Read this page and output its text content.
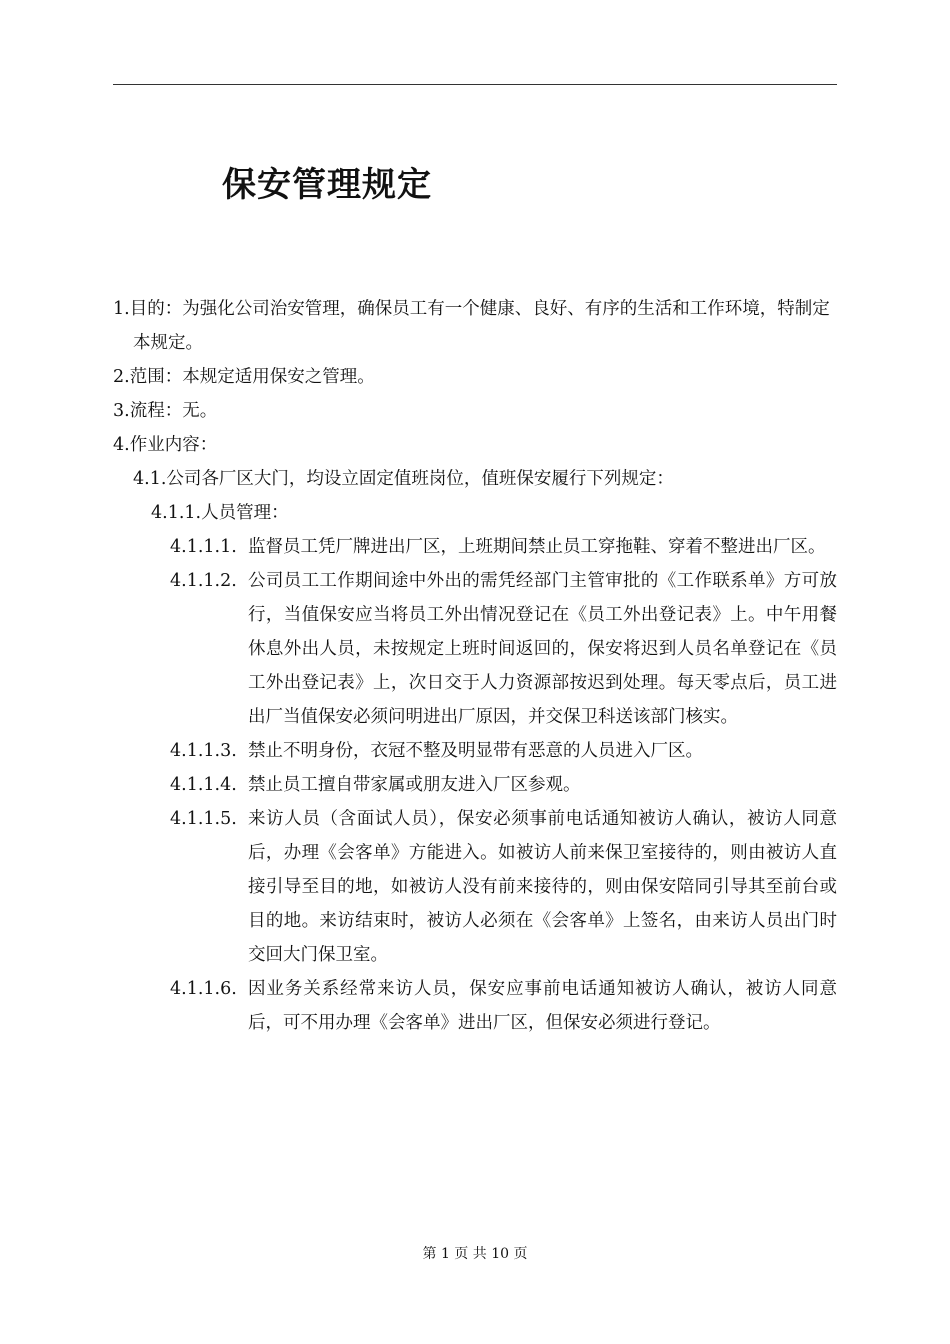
保安管理规定
1.目的：为强化公司治安管理，确保员工有一个健康、良好、有序的生活和工作环境，特制定本规定。
2.范围：本规定适用保安之管理。
3.流程：无。
4.作业内容：
4.1.公司各厂区大门，均设立固定值班岗位，值班保安履行下列规定：
4.1.1.人员管理：
4.1.1.1. 监督员工凭厂牌进出厂区，上班期间禁止员工穿拖鞋、穿着不整进出厂区。
4.1.1.2. 公司员工工作期间途中外出的需凭经部门主管审批的《工作联系单》方可放行，当值保安应当将员工外出情况登记在《员工外出登记表》上。中午用餐休息外出人员，未按规定上班时间返回的，保安将迟到人员名单登记在《员工外出登记表》上，次日交于人力资源部按迟到处理。每天零点后，员工进出厂当值保安必须问明进出厂原因，并交保卫科送该部门核实。
4.1.1.3. 禁止不明身份，衣冠不整及明显带有恶意的人员进入厂区。
4.1.1.4. 禁止员工擅自带家属或朋友进入厂区参观。
4.1.1.5. 来访人员（含面试人员），保安必须事前电话通知被访人确认，被访人同意后，办理《会客单》方能进入。如被访人前来保卫室接待的，则由被访人直接引导至目的地，如被访人没有前来接待的，则由保安陪同引导其至前台或目的地。来访结束时，被访人必须在《会客单》上签名，由来访人员出门时交回大门保卫室。
4.1.1.6. 因业务关系经常来访人员，保安应事前电话通知被访人确认，被访人同意后，可不用办理《会客单》进出厂区，但保安必须进行登记。
第 1 页 共 10 页
